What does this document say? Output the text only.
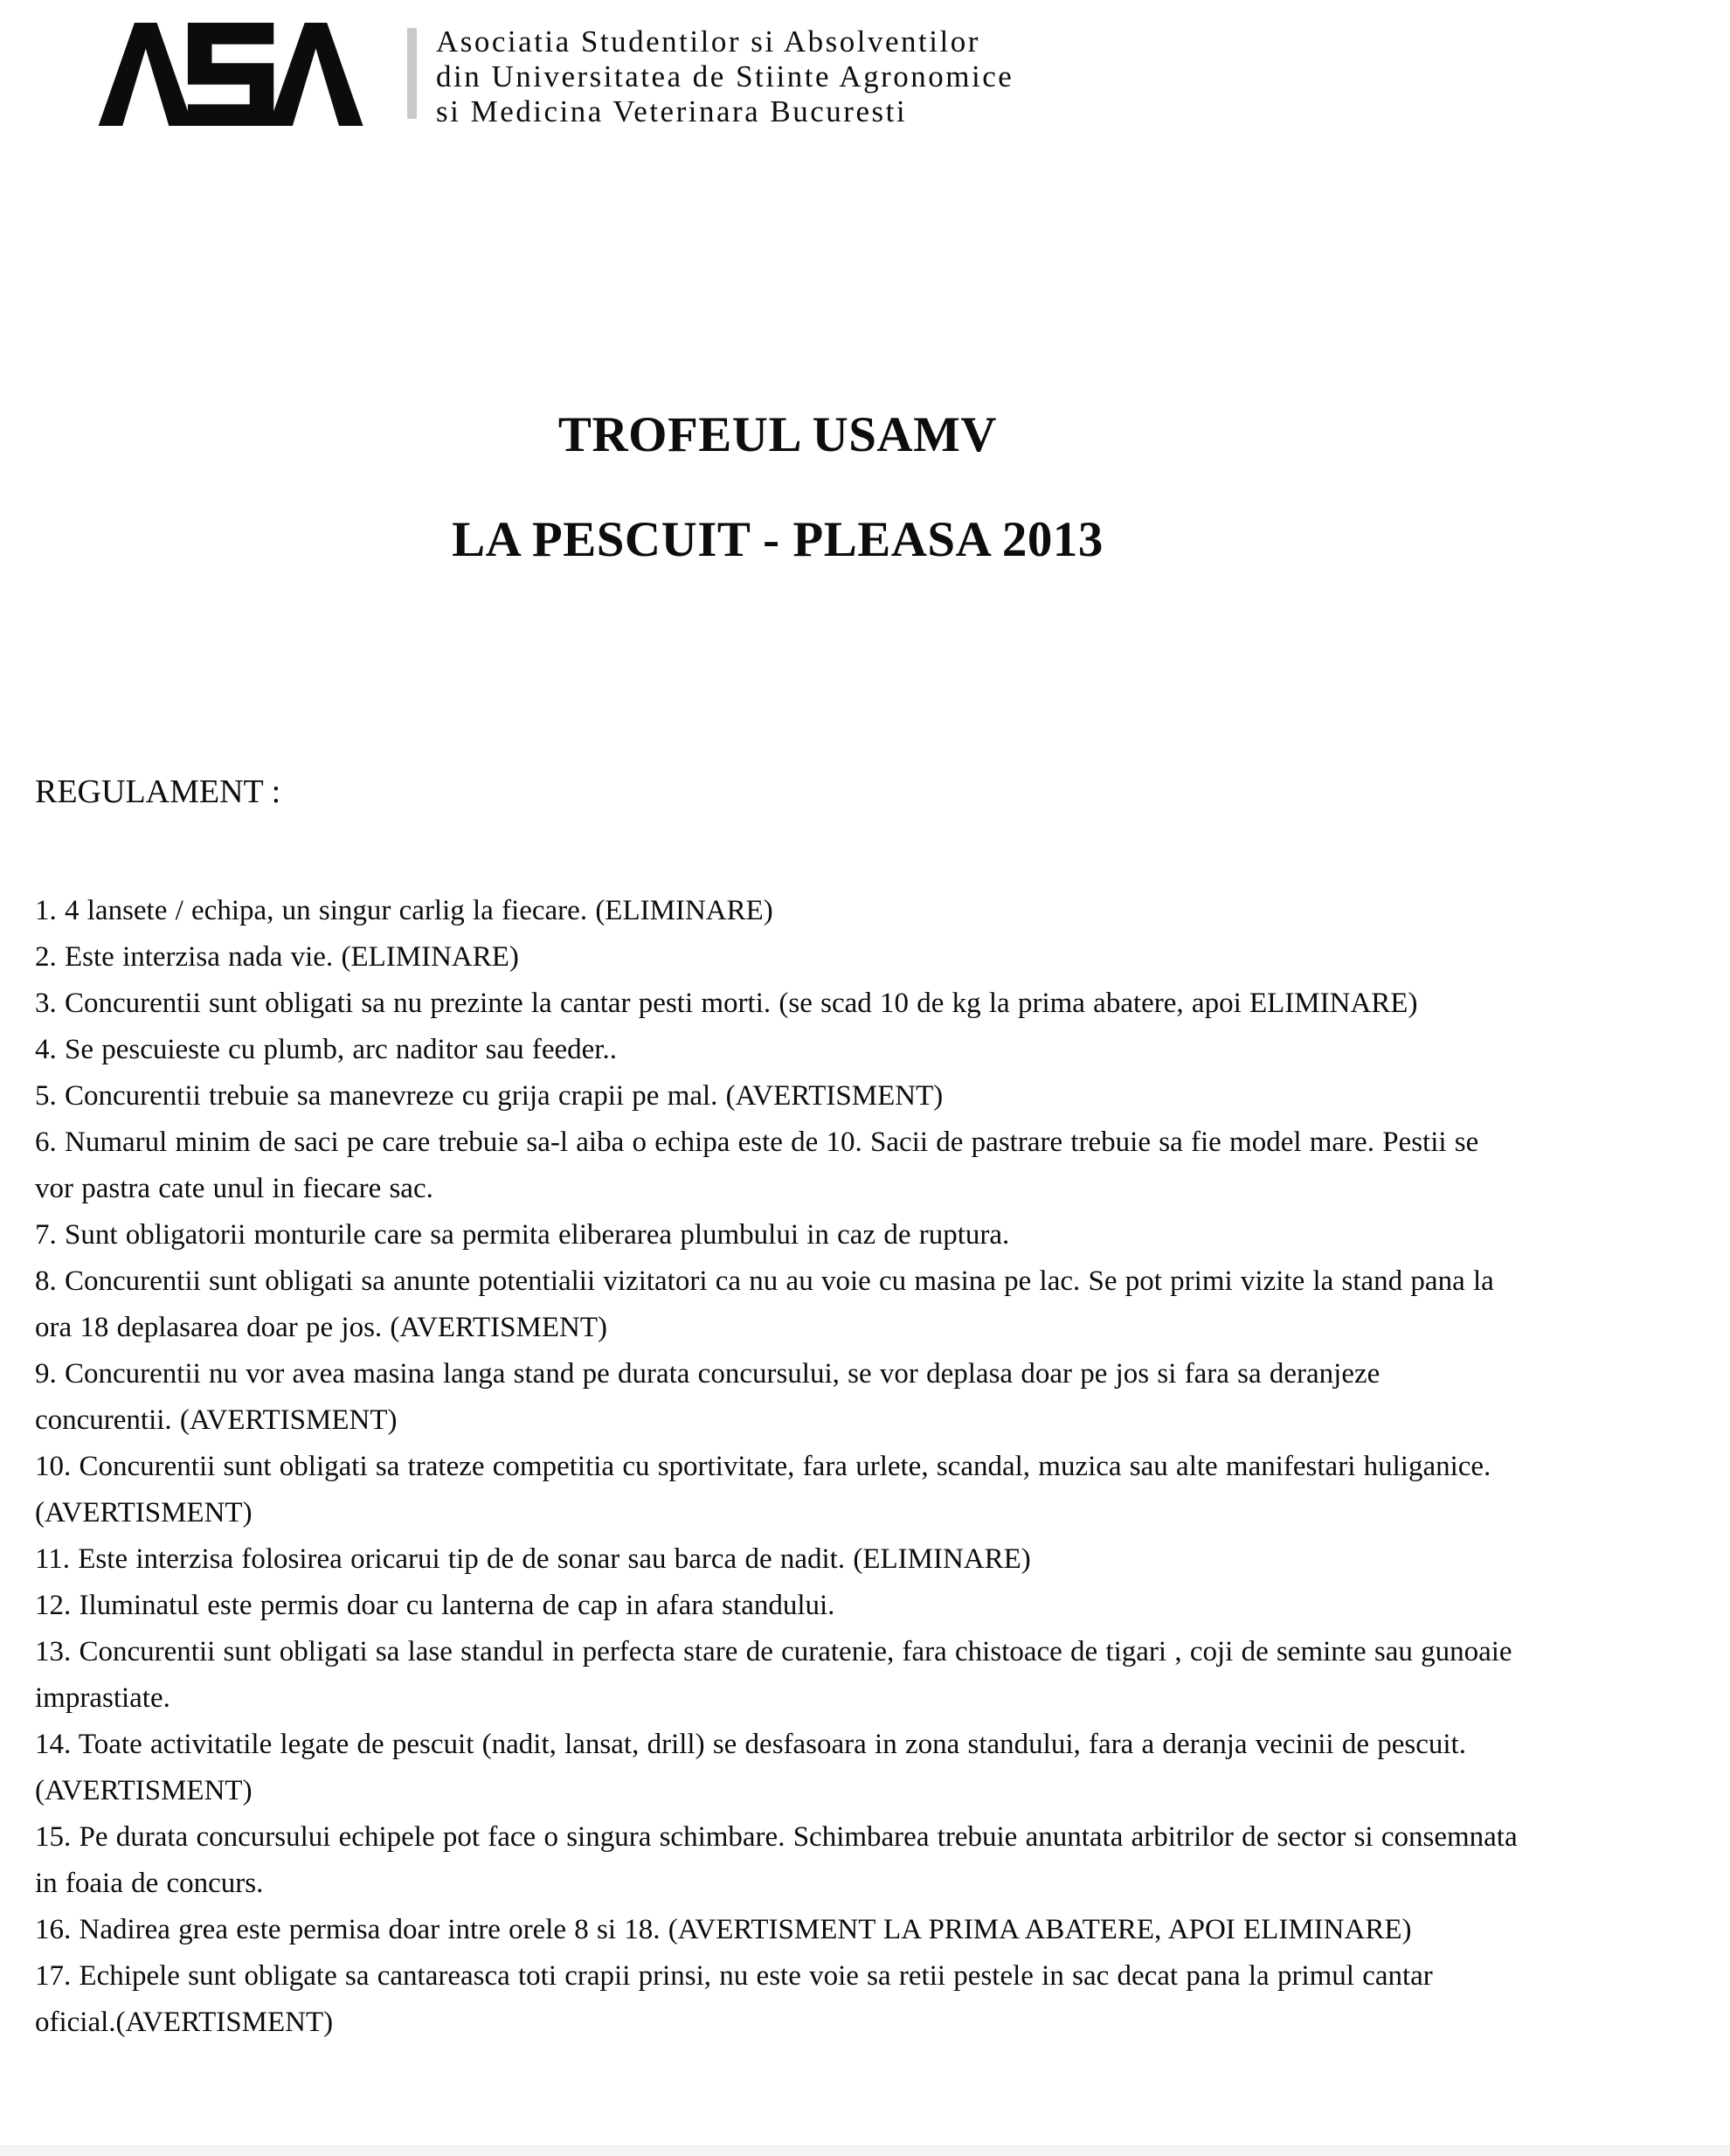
Asociatia Studentilor si Absolventilor
din Universitatea de Stiinte Agronomice
si Medicina Veterinara Bucuresti
TROFEUL USAMV
LA PESCUIT - PLEASA 2013
REGULAMENT :

1. 4 lansete / echipa, un singur carlig la fiecare. (ELIMINARE)

2. Este interzisa nada vie. (ELIMINARE)

3. Concurentii sunt obligati sa nu prezinte la cantar pesti morti. (se scad 10 de kg la prima abatere, apoi ELIMINARE)

4. Se pescuieste cu plumb, arc naditor sau feeder..

5. Concurentii trebuie sa manevreze cu grija crapii pe mal. (AVERTISMENT)

6. Numarul minim de saci pe care trebuie sa-l aiba o echipa este de 10. Sacii de pastrare trebuie sa fie model mare. Pestii se vor pastra cate unul in fiecare sac.

7. Sunt obligatorii monturile care sa permita eliberarea plumbului in caz de ruptura.

8. Concurentii sunt obligati sa anunte potentialii vizitatori ca nu au voie cu masina pe lac. Se pot primi vizite la stand pana la ora 18 deplasarea doar pe jos. (AVERTISMENT)

9. Concurentii nu vor avea masina langa stand pe durata concursului, se vor deplasa doar pe jos si fara sa deranjeze concurentii. (AVERTISMENT)

10. Concurentii sunt obligati sa trateze competitia cu sportivitate, fara urlete, scandal, muzica sau alte manifestari huliganice. (AVERTISMENT)

11. Este interzisa folosirea oricarui tip de de sonar sau barca de nadit. (ELIMINARE)

12. Iluminatul este permis doar cu lanterna de cap in afara standului.

13. Concurentii sunt obligati sa lase standul in perfecta stare de curatenie, fara chistoace de tigari , coji de seminte sau gunoaie imprastiate.

14. Toate activitatile legate de pescuit (nadit, lansat, drill) se desfasoara in zona standului, fara a deranja vecinii de pescuit.(AVERTISMENT)

15. Pe durata concursului echipele pot face o singura schimbare. Schimbarea trebuie anuntata arbitrilor de sector si consemnata in foaia de concurs.

16. Nadirea grea este permisa doar intre orele 8 si 18. (AVERTISMENT LA PRIMA ABATERE, APOI ELIMINARE)

17. Echipele sunt obligate sa cantareasca toti crapii prinsi, nu este voie sa retii pestele in sac decat pana la primul cantar oficial.(AVERTISMENT)
